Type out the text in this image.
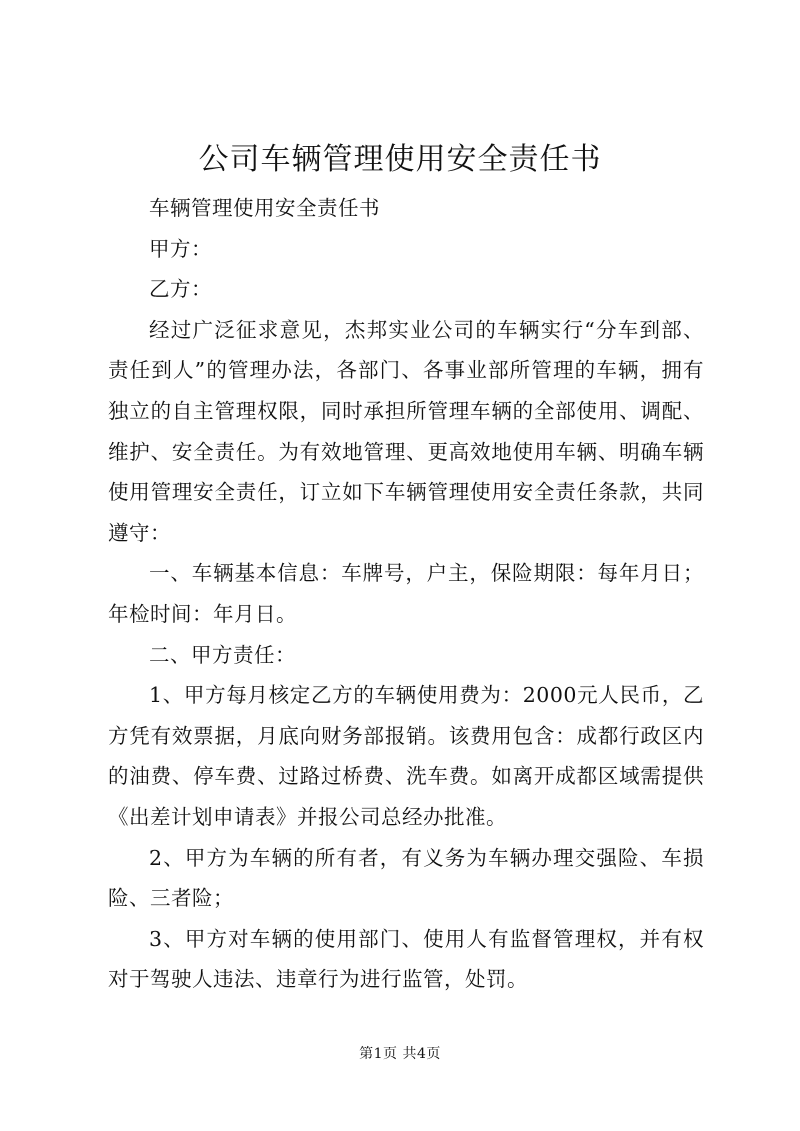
公司车辆管理使用安全责任书

车辆管理使用安全责任书

甲方：

乙方：

经过广泛征求意见，杰邦实业公司的车辆实行“分车到部、责任到人”的管理办法，各部门、各事业部所管理的车辆，拥有独立的自主管理权限，同时承担所管理车辆的全部使用、调配、维护、安全责任。为有效地管理、更高效地使用车辆、明确车辆使用管理安全责任，订立如下车辆管理使用安全责任条款，共同遵守：

一、车辆基本信息：车牌号，户主，保险期限：每年月日；年检时间：年月日。

二、甲方责任：

1、甲方每月核定乙方的车辆使用费为：2000元人民币，乙方凭有效票据，月底向财务部报销。该费用包含：成都行政区内的油费、停车费、过路过桥费、洗车费。如离开成都区域需提供《出差计划申请表》并报公司总经办批准。

2、甲方为车辆的所有者，有义务为车辆办理交强险、车损险、三者险；

3、甲方对车辆的使用部门、使用人有监督管理权，并有权对于驾驶人违法、违章行为进行监管，处罚。

第1页 共4页
